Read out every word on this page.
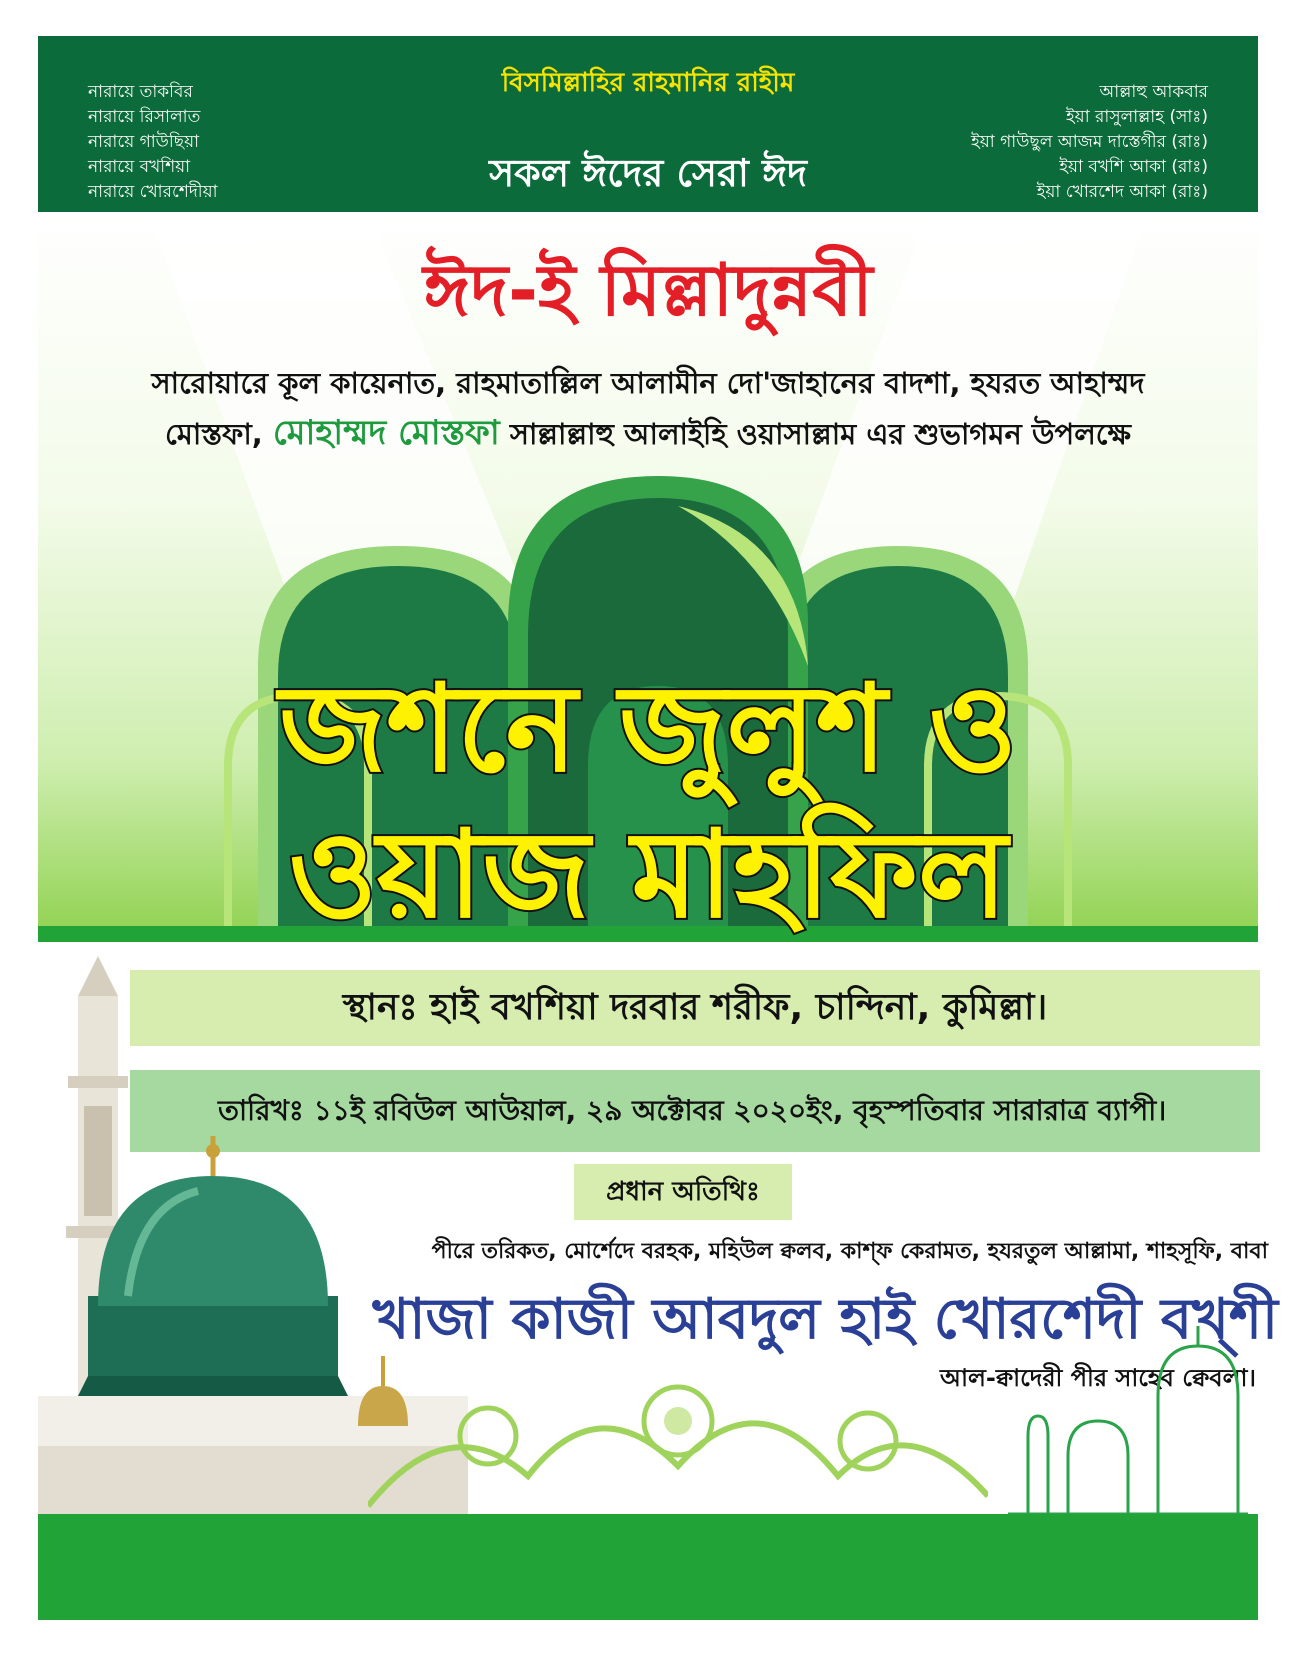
বিসমিল্লাহির রাহমানির রাহীম
সকল ঈদের সেরা ঈদ
নারায়ে তাকবির
নারায়ে রিসালাত
নারায়ে গাউছিয়া
নারায়ে বখশিয়া
নারায়ে খোরশেদীয়া
আল্লাহু আকবার
ইয়া রাসুলাল্লাহ (সাঃ)
ইয়া গাউছুল আজম দাস্তেগীর (রাঃ)
ইয়া বখশি আকা (রাঃ)
ইয়া খোরশেদ আকা (রাঃ)
ঈদ-ই মিল্লাদুন্নবী
সারোয়ারে কূল কায়েনাত, রাহমাতাল্লিল আলামীন দো'জাহানের বাদশা, হযরত আহাম্মদ
মোস্তফা, মোহাম্মদ মোস্তফা সাল্লাল্লাহু আলাইহি ওয়াসাল্লাম এর শুভাগমন উপলক্ষে
জশনে জুলুশ ও
ওয়াজ মাহফিল
স্থানঃ হাই বখশিয়া দরবার শরীফ, চান্দিনা, কুমিল্লা।
তারিখঃ ১১ই রবিউল আউয়াল, ২৯ অক্টোবর ২০২০ইং, বৃহস্পতিবার সারারাত্র ব্যাপী।
প্রধান অতিথিঃ
পীরে তরিকত, মোর্শেদে বরহক, মহিউল ক্বলব, কাশ্‌ফ কেরামত, হযরতুল আল্লামা, শাহসূফি, বাবা
খাজা কাজী আবদুল হাই খোরশেদী বখ্শী
আল-ক্বাদেরী পীর সাহেব ক্বেবলা।
